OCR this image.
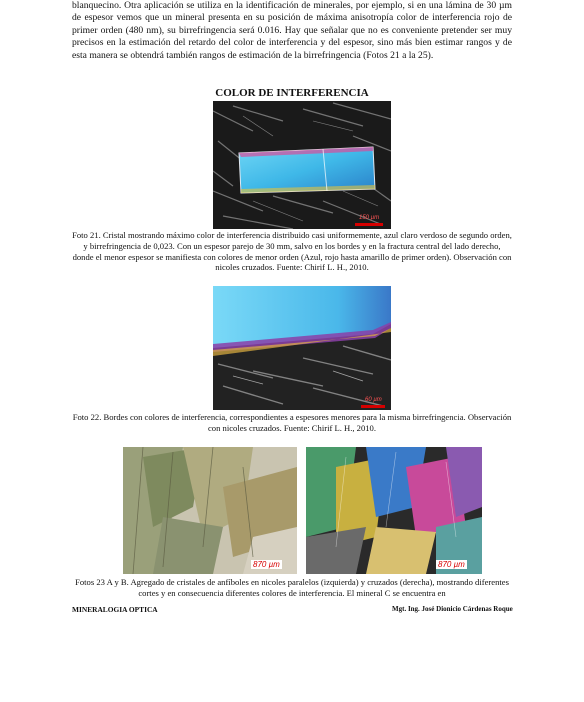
blanquecino. Otra aplicación se utiliza en la identificación de minerales, por ejemplo, si en una lámina de 30 µm de espesor vemos que un mineral presenta en su posición de máxima anisotropía color de interferencia rojo de primer orden (480 nm), su birrefringencia será 0.016. Hay que señalar que no es conveniente pretender ser muy precisos en la estimación del retardo del color de interferencia y del espesor, sino más bien estimar rangos y de esta manera se obtendrá también rangos de estimación de la birrefringencia (Fotos 21 a la 25).
COLOR DE INTERFERENCIA
150 µm
Foto 21. Cristal mostrando máximo color de interferencia distribuido casi uniformemente, azul claro verdoso de segundo orden, y birrefringencia de 0,023. Con un espesor parejo de 30 mm, salvo en los bordes y en la fractura central del lado derecho, donde el menor espesor se manifiesta con colores de menor orden (Azul, rojo hasta amarillo de primer orden). Observación con nicoles cruzados. Fuente: Chirif L. H., 2010.
60 µm
Foto 22. Bordes con colores de interferencia, correspondientes a espesores menores para la misma birrefringencia. Observación con nicoles cruzados. Fuente: Chirif L. H., 2010.
870 µm	870 µm
Fotos 23 A y B. Agregado de cristales de anfíboles en nicoles paralelos (izquierda) y cruzados (derecha), mostrando diferentes cortes y en consecuencia diferentes colores de interferencia. El mineral C se encuentra en
MINERALOGIA OPTICA	Mgt. Ing. José Dionicio Cárdenas Roque
